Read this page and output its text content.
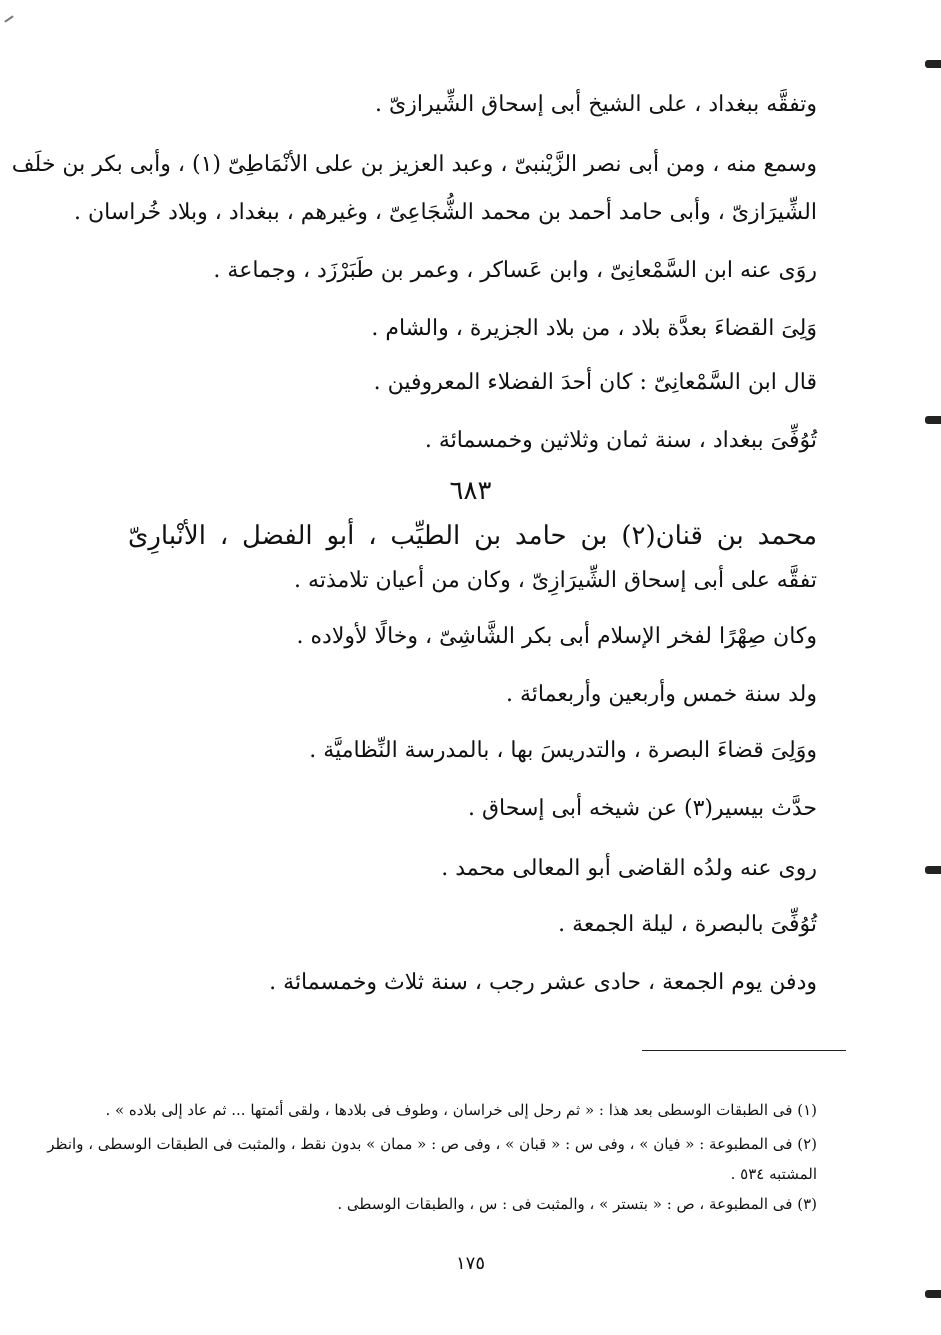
وتفقَّه ببغداد ، على الشيخ أبى إسحاق الشِّيرازىّ .
وسمع منه ، ومن أبى نصر الزَّيْنبىّ ، وعبد العزيز بن على الأنْمَاطِىّ (١) ، وأبى بكر بن خلَف
الشِّيرَازىّ ، وأبى حامد أحمد بن محمد الشُّجَاعِىّ ، وغيرهم ، ببغداد ، وبلاد خُراسان .
روَى عنه ابن السَّمْعانِىّ ، وابن عَساكر ، وعمر بن طَبَرْزَد ، وجماعة .
وَلِىَ القضاءَ بعدَّة بلاد ، من بلاد الجزيرة ، والشام .
قال ابن السَّمْعانِىّ : كان أحدَ الفضلاء المعروفين .
تُوُفِّىَ ببغداد ، سنة ثمان وثلاثين وخمسمائة .
٦٨٣
محمد بن قنان(٢) بن حامد بن الطيِّب ، أبو الفضل ، الأنْبارِىّ
تفقَّه على أبى إسحاق الشِّيرَازِىّ ، وكان من أعيان تلامذته .
وكان صِهْرًا لفخر الإسلام أبى بكر الشَّاشِىّ ، وخالًا لأولاده .
ولد سنة خمس وأربعين وأربعمائة .
ووَلِىَ قضاءَ البصرة ، والتدريسَ بها ، بالمدرسة النِّظاميَّة .
حدَّث بيسير(٣) عن شيخه أبى إسحاق .
روى عنه ولدُه القاضى أبو المعالى محمد .
تُوُفِّىَ بالبصرة ، ليلة الجمعة .
ودفن يوم الجمعة ، حادى عشر رجب ، سنة ثلاث وخمسمائة .
(١) فى الطبقات الوسطى بعد هذا : « ثم رحل إلى خراسان ، وطوف فى بلادها ، ولقى أئمتها ... ثم عاد إلى بلاده » .
(٢) فى المطبوعة : « فيان » ، وفى س : « قبان » ، وفى ص : « ممان » بدون نقط ، والمثبت فى الطبقات الوسطى ، وانظر
المشتبه ٥٣٤ .
(٣) فى المطبوعة ، ص : « بتستر » ، والمثبت فى : س ، والطبقات الوسطى .
١٧٥
